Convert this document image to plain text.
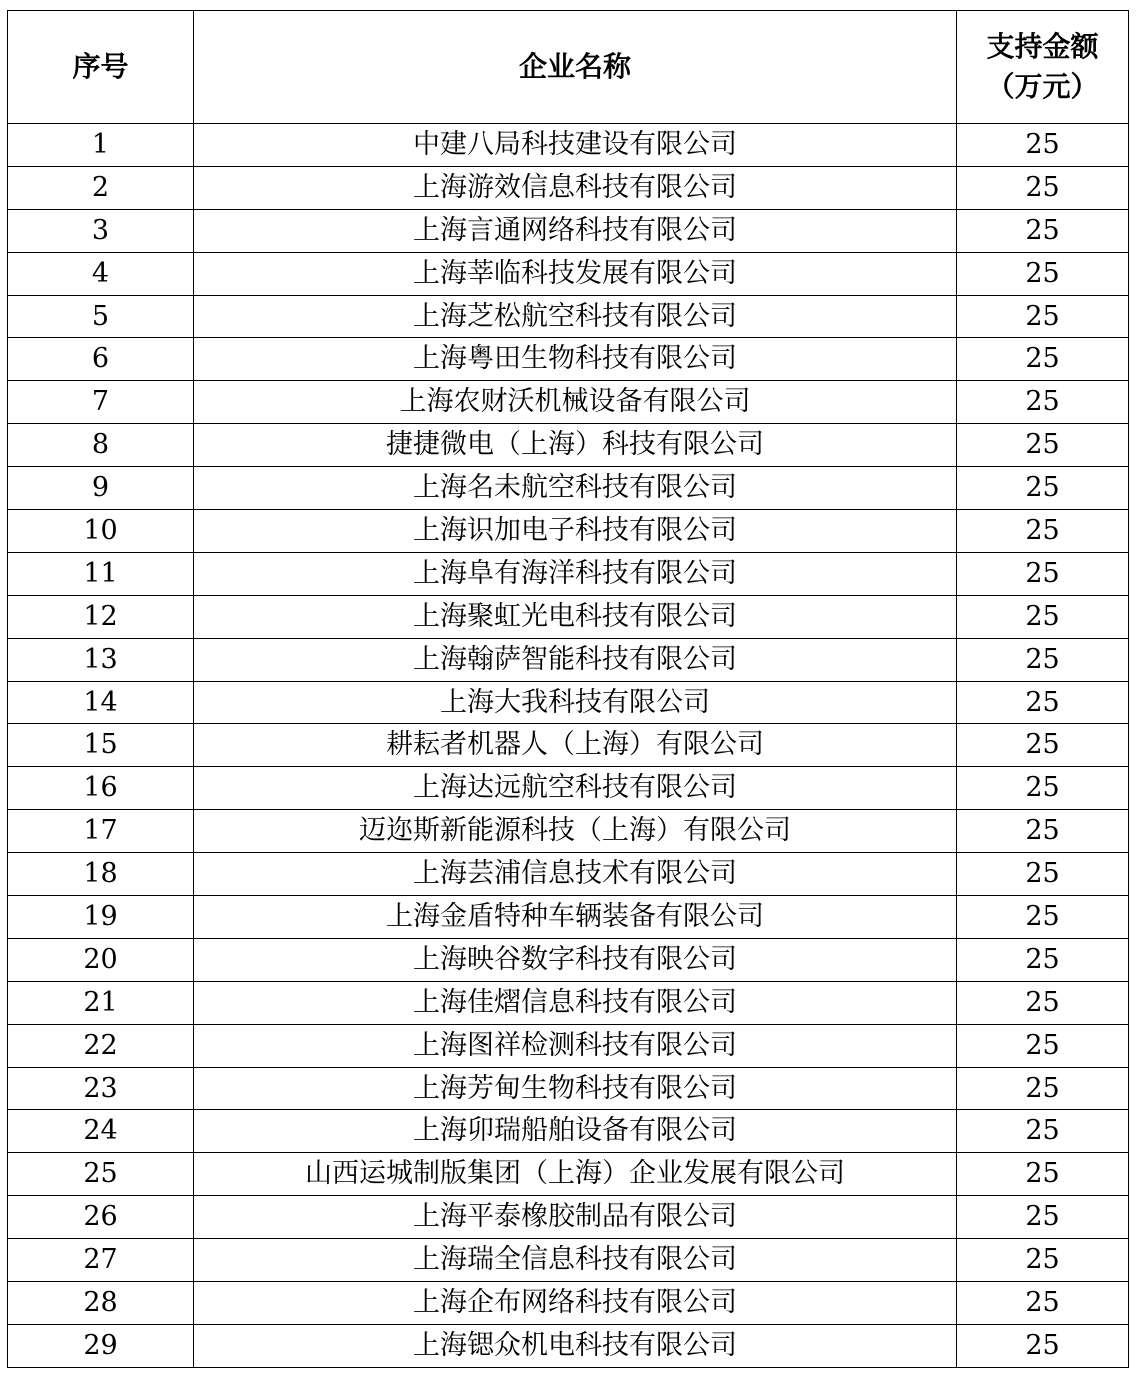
序号	企业名称	支持金额
（万元）

1	中建八局科技建设有限公司	25
2	上海游效信息科技有限公司	25
3	上海言通网络科技有限公司	25
4	上海莘临科技发展有限公司	25
5	上海芝松航空科技有限公司	25
6	上海粤田生物科技有限公司	25
7	上海农财沃机械设备有限公司	25
8	捷捷微电（上海）科技有限公司	25
9	上海名未航空科技有限公司	25
10	上海识加电子科技有限公司	25
11	上海阜有海洋科技有限公司	25
12	上海聚虹光电科技有限公司	25
13	上海翰萨智能科技有限公司	25
14	上海大我科技有限公司	25
15	耕耘者机器人（上海）有限公司	25
16	上海达远航空科技有限公司	25
17	迈迩斯新能源科技（上海）有限公司	25
18	上海芸浦信息技术有限公司	25
19	上海金盾特种车辆装备有限公司	25
20	上海映谷数字科技有限公司	25
21	上海佳熠信息科技有限公司	25
22	上海图祥检测科技有限公司	25
23	上海芳甸生物科技有限公司	25
24	上海卯瑞船舶设备有限公司	25
25	山西运城制版集团（上海）企业发展有限公司	25
26	上海平泰橡胶制品有限公司	25
27	上海瑞全信息科技有限公司	25
28	上海企布网络科技有限公司	25
29	上海锶众机电科技有限公司	25
